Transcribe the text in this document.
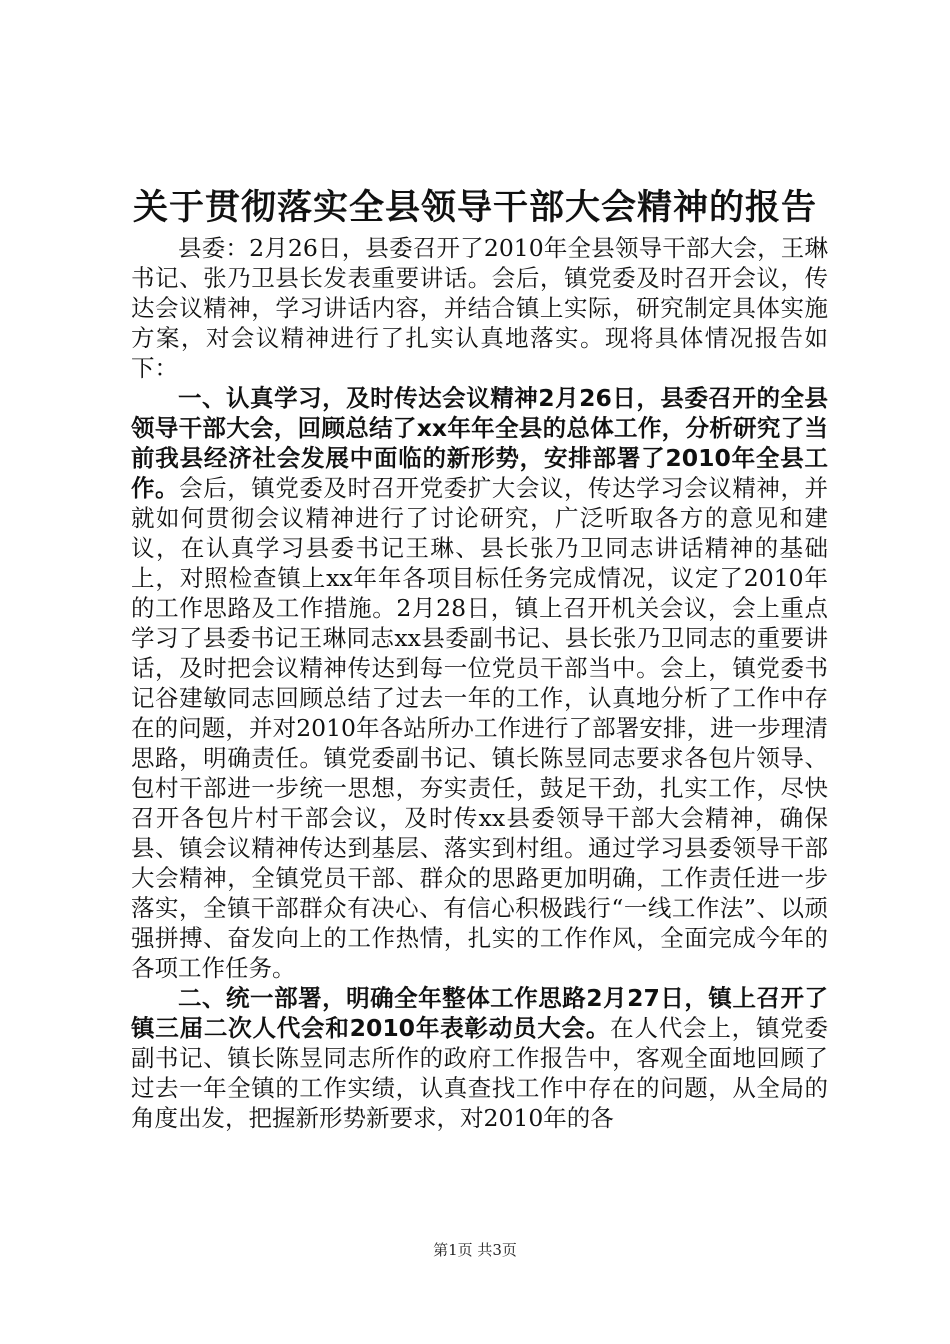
关于贯彻落实全县领导干部大会精神的报告

县委：2月26日，县委召开了2010年全县领导干部大会，王琳书记、张乃卫县长发表重要讲话。会后，镇党委及时召开会议，传达会议精神，学习讲话内容，并结合镇上实际，研究制定具体实施方案，对会议精神进行了扎实认真地落实。现将具体情况报告如下：

一、认真学习，及时传达会议精神2月26日，县委召开的全县领导干部大会，回顾总结了xx年年全县的总体工作，分析研究了当前我县经济社会发展中面临的新形势，安排部署了2010年全县工作。会后，镇党委及时召开党委扩大会议，传达学习会议精神，并就如何贯彻会议精神进行了讨论研究，广泛听取各方的意见和建议，在认真学习县委书记王琳、县长张乃卫同志讲话精神的基础上，对照检查镇上xx年年各项目标任务完成情况，议定了2010年的工作思路及工作措施。2月28日，镇上召开机关会议，会上重点学习了县委书记王琳同志xx县委副书记、县长张乃卫同志的重要讲话，及时把会议精神传达到每一位党员干部当中。会上，镇党委书记谷建敏同志回顾总结了过去一年的工作，认真地分析了工作中存在的问题，并对2010年各站所办工作进行了部署安排，进一步理清思路，明确责任。镇党委副书记、镇长陈昱同志要求各包片领导、包村干部进一步统一思想，夯实责任，鼓足干劲，扎实工作，尽快召开各包片村干部会议，及时传xx县委领导干部大会精神，确保县、镇会议精神传达到基层、落实到村组。通过学习县委领导干部大会精神，全镇党员干部、群众的思路更加明确，工作责任进一步落实，全镇干部群众有决心、有信心积极践行“一线工作法”、以顽强拼搏、奋发向上的工作热情，扎实的工作作风，全面完成今年的各项工作任务。

二、统一部署，明确全年整体工作思路2月27日，镇上召开了镇三届二次人代会和2010年表彰动员大会。在人代会上，镇党委副书记、镇长陈昱同志所作的政府工作报告中，客观全面地回顾了过去一年全镇的工作实绩，认真查找工作中存在的问题，从全局的角度出发，把握新形势新要求，对2010年的各

第1页 共3页
